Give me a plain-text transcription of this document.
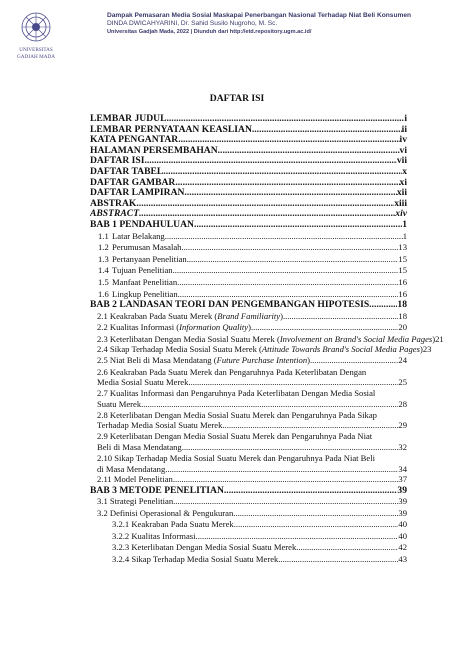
UNIVERSITAS
GADJAH MADA
Dampak Pemasaran Media Sosial Maskapai Penerbangan Nasional Terhadap Niat Beli Konsumen
DINDA DWICAHYARINI, Dr. Sahid Susilo Nugroho, M. Sc.
Universitas Gadjah Mada, 2022 | Diunduh dari http://etd.repository.ugm.ac.id/
DAFTAR ISI
LEMBAR JUDUL .....	i
LEMBAR PERNYATAAN KEASLIAN .....	ii
KATA PENGANTAR .....	iv
HALAMAN PERSEMBAHAN .....	vi
DAFTAR ISI .....	vii
DAFTAR TABEL .....	x
DAFTAR GAMBAR .....	xi
DAFTAR LAMPIRAN .....	xii
ABSTRAK .....	xiii
ABSTRACT .....	xiv
BAB 1 PENDAHULUAN .....	1
1.1 Latar Belakang .....	1
1.2 Perumusan Masalah .....	13
1.3 Pertanyaan Penelitian .....	15
1.4 Tujuan Penelitian .....	15
1.5 Manfaat Penelitian .....	16
1.6 Lingkup Penelitian .....	16
BAB 2 LANDASAN TEORI DAN PENGEMBANGAN HIPOTESIS .....	18
2.1 Keakraban Pada Suatu Merek (Brand Familiarity) .....	18
2.2 Kualitas Informasi (Information Quality) .....	20
2.3 Keterlibatan Dengan Media Sosial Suatu Merek ( Involvement on Brand's Social Media Pages ) 21
2.4 Sikap Terhadap Media Sosial Suatu Merek ( Attitude Towards Brand's Social Media Pages ) 23
2.5 Niat Beli di Masa Mendatang (Future Purchase Intention) .....	24
2.6 Keakraban Pada Suatu Merek dan Pengaruhnya Pada Keterlibatan Dengan
Media Sosial Suatu Merek .....	25
2.7 Kualitas Informasi dan Pengaruhnya Pada Keterlibatan Dengan Media Sosial
Suatu Merek .....	28
2.8 Keterlibatan Dengan Media Sosial Suatu Merek dan Pengaruhnya Pada Sikap
Terhadap Media Sosial Suatu Merek .....	29
2.9 Keterlibatan Dengan Media Sosial Suatu Merek dan Pengaruhnya Pada Niat
Beli di Masa Mendatang .....	32
2.10 Sikap Terhadap Media Sosial Suatu Merek dan Pengaruhnya Pada Niat Beli
di Masa Mendatang .....	34
2.11 Model Penelitian .....	37
BAB 3 METODE PENELITIAN .....	39
3.1 Strategi Penelitian .....	39
3.2 Definisi Operasional & Pengukuran .....	39
3.2.1 Keakraban Pada Suatu Merek .....	40
3.2.2 Kualitas Informasi .....	40
3.2.3 Keterlibatan Dengan Media Sosial Suatu Merek .....	42
3.2.4 Sikap Terhadap Media Sosial Suatu Merek .....	43
